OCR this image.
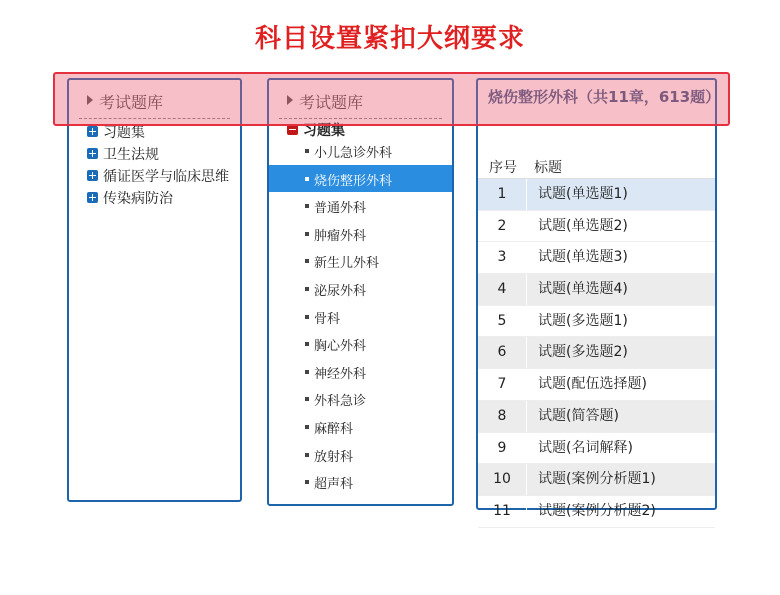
科目设置紧扣大纲要求
考试题库
习题集
卫生法规
循证医学与临床思维
传染病防治
考试题库
习题集
小儿急诊外科
烧伤整形外科
普通外科
肿瘤外科
新生儿外科
泌尿外科
骨科
胸心外科
神经外科
外科急诊
麻醉科
放射科
超声科
烧伤整形外科（共11章，613题）
序号 标题
1	试题(单选题1)
2	试题(单选题2)
3	试题(单选题3)
4	试题(单选题4)
5	试题(多选题1)
6	试题(多选题2)
7	试题(配伍选择题)
8	试题(简答题)
9	试题(名词解释)
10	试题(案例分析题1)
11	试题(案例分析题2)
